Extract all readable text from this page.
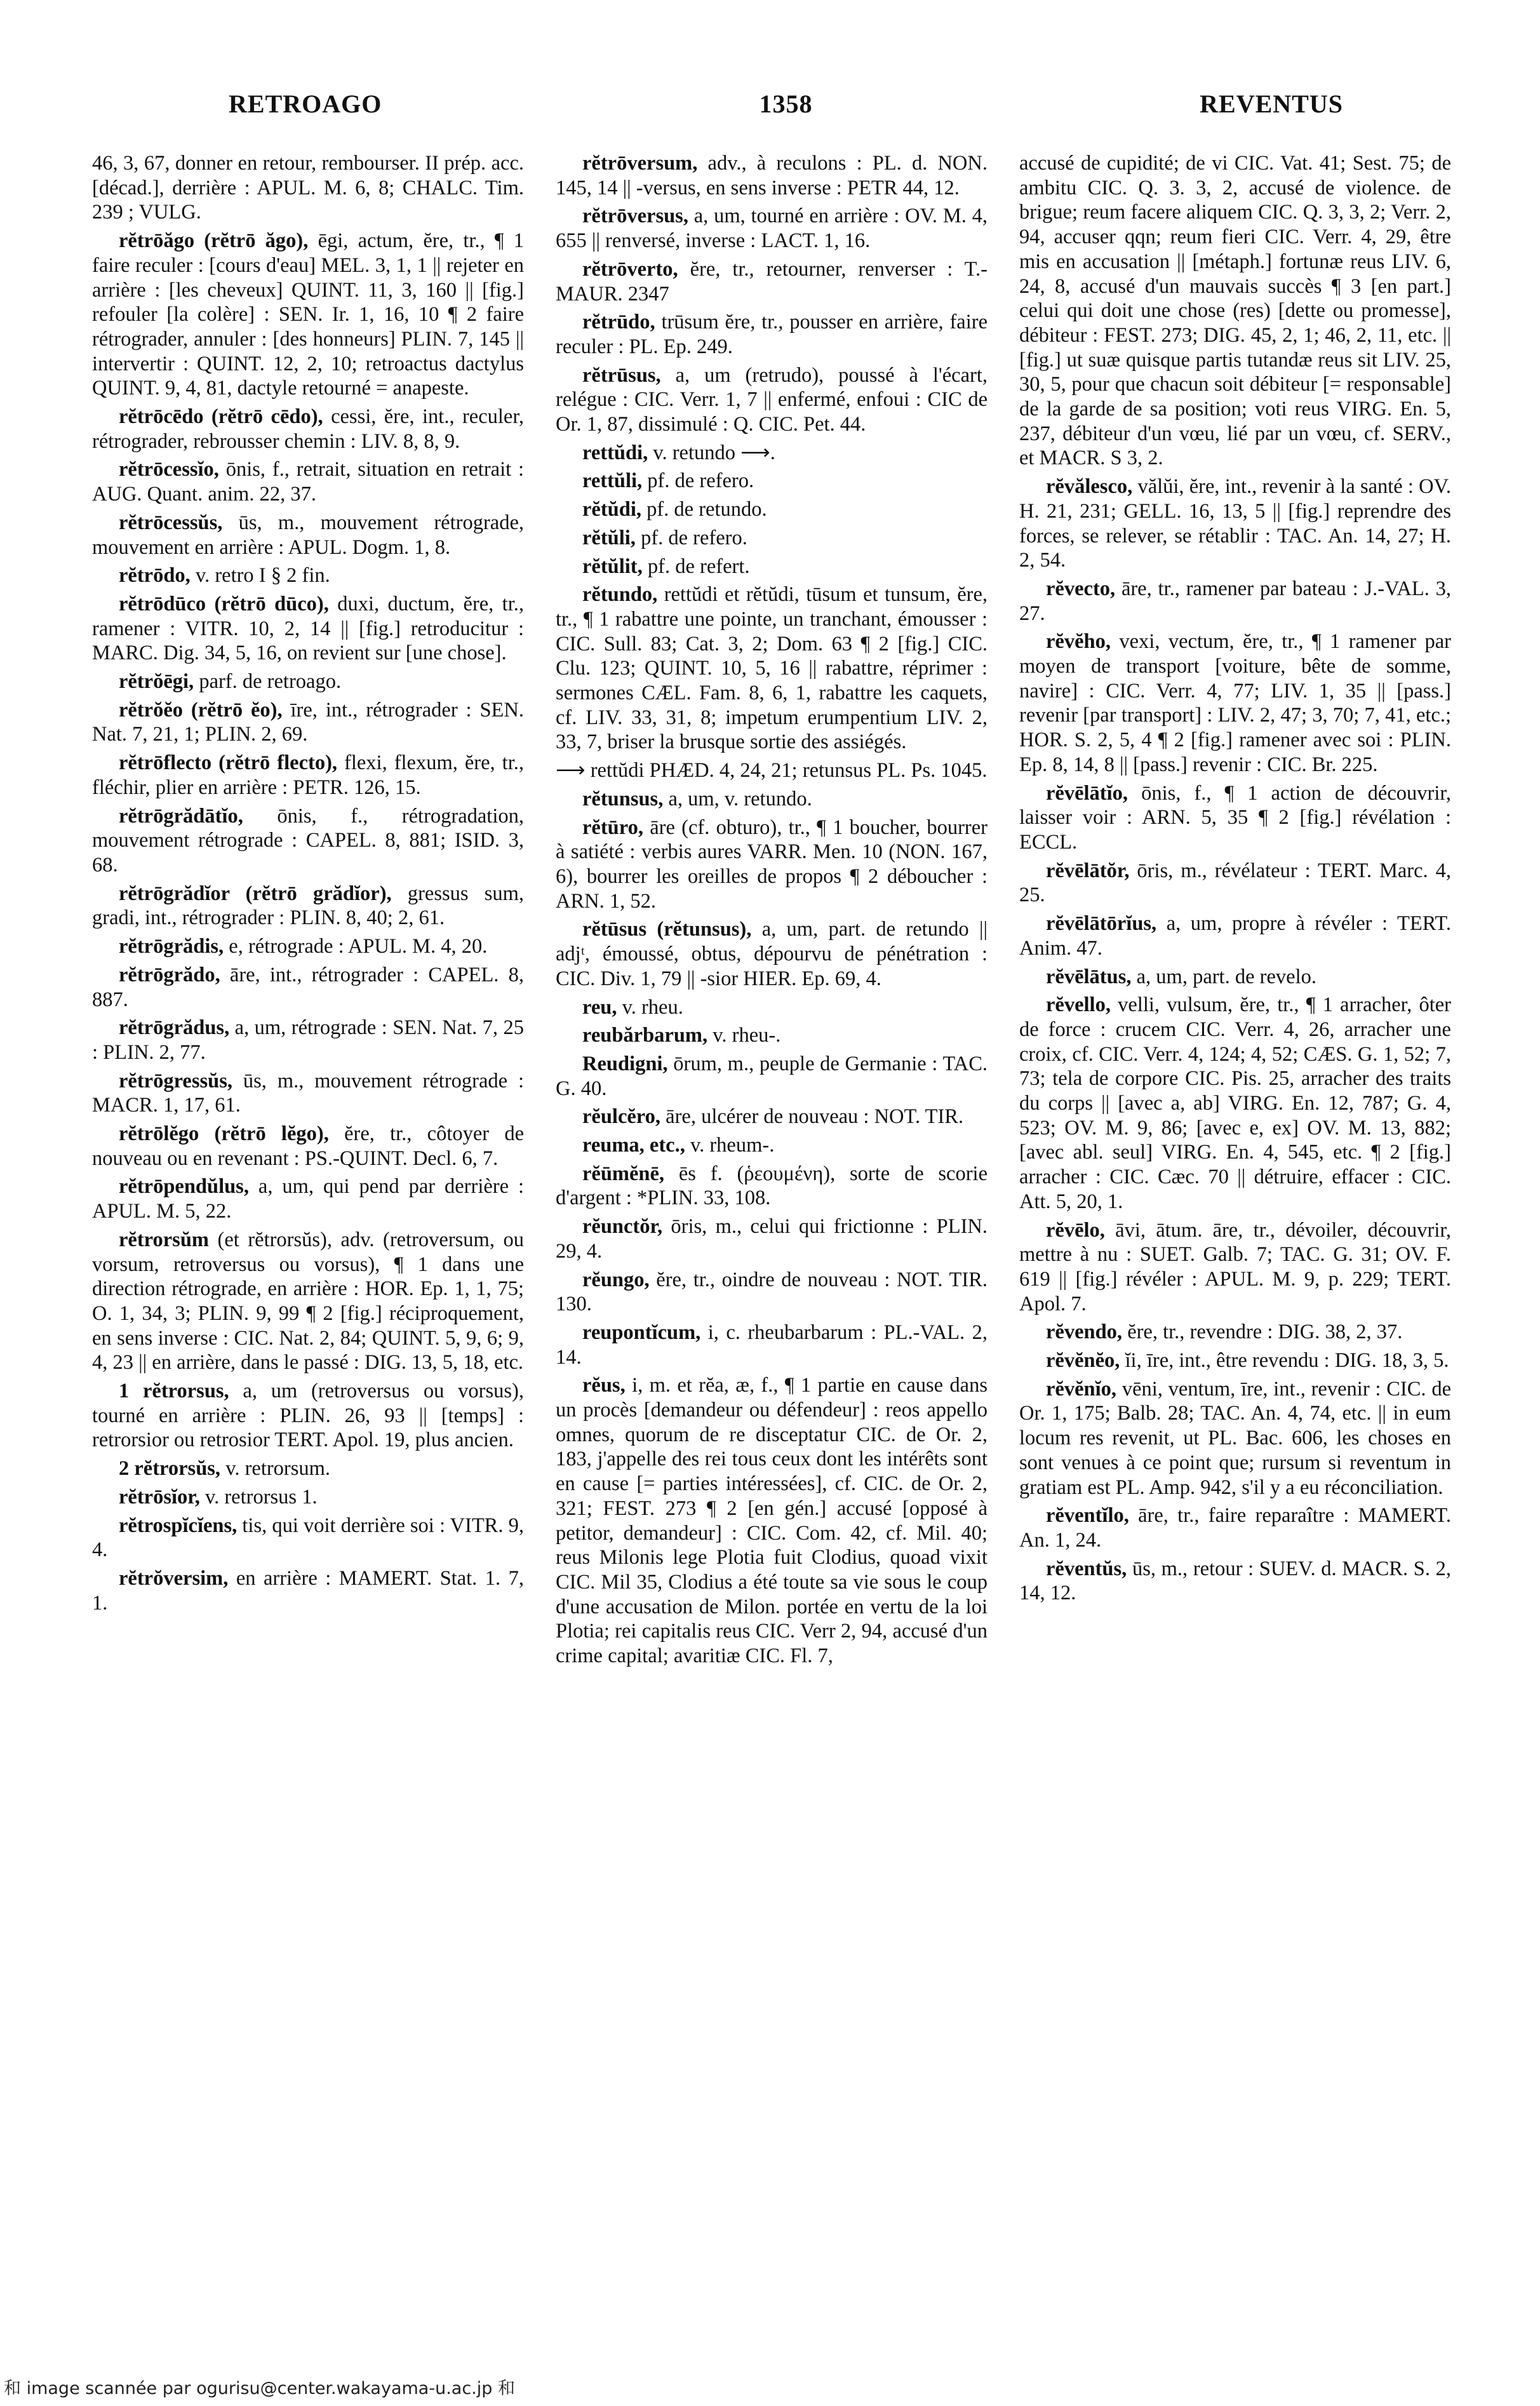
RETROAGO	1358	REVENTUS

46, 3, 67, donner en retour, rembourser. II prép. acc. [décad.], derrière : APUL. M. 6, 8; CHALC. Tim. 239 ; VULG.

rĕtrōăgo (rĕtrō ăgo), ēgi, actum, ĕre, tr., ¶ 1 faire reculer : [cours d'eau] MEL. 3, 1, 1 || rejeter en arrière : [les cheveux] QUINT. 11, 3, 160 || [fig.] refouler [la colère] : SEN. Ir. 1, 16, 10 ¶ 2 faire rétrograder, annuler : [des honneurs] PLIN. 7, 145 || intervertir : QUINT. 12, 2, 10; retroactus dactylus QUINT. 9, 4, 81, dactyle retourné = anapeste.

rĕtrōcēdo (rĕtrō cēdo), cessi, ĕre, int., reculer, rétrograder, rebrousser chemin : LIV. 8, 8, 9.

rĕtrōcessĭo, ōnis, f., retrait, situation en retrait : AUG. Quant. anim. 22, 37.

rĕtrōcessŭs, ūs, m., mouvement rétrograde, mouvement en arrière : APUL. Dogm. 1, 8.

rĕtrōdo, v. retro I § 2 fin.

rĕtrōdūco (rĕtrō dūco), duxi, ductum, ĕre, tr., ramener : VITR. 10, 2, 14 || [fig.] retroducitur : MARC. Dig. 34, 5, 16, on revient sur [une chose].

rĕtrŏēgi, parf. de retroago.

rĕtrŏĕo (rĕtrō ĕo), īre, int., rétrograder : SEN. Nat. 7, 21, 1; PLIN. 2, 69.

rĕtrōflecto (rĕtrō flecto), flexi, flexum, ĕre, tr., fléchir, plier en arrière : PETR. 126, 15.

rĕtrōgrădātĭo, ōnis, f., rétrogradation, mouvement rétrograde : CAPEL. 8, 881; ISID. 3, 68.

rĕtrōgrădĭor (rĕtrō grădĭor), gressus sum, gradi, int., rétrograder : PLIN. 8, 40; 2, 61.

rĕtrōgrădis, e, rétrograde : APUL. M. 4, 20.

rĕtrōgrădo, āre, int., rétrograder : CAPEL. 8, 887.

rĕtrōgrădus, a, um, rétrograde : SEN. Nat. 7, 25 : PLIN. 2, 77.

rĕtrōgressŭs, ūs, m., mouvement rétrograde : MACR. 1, 17, 61.

rĕtrōlĕgo (rĕtrō lĕgo), ĕre, tr., côtoyer de nouveau ou en revenant : PS.-QUINT. Decl. 6, 7.

rĕtrōpendŭlus, a, um, qui pend par derrière : APUL. M. 5, 22.

rĕtrorsŭm (et rĕtrorsŭs), adv. (retroversum, ou vorsum, retroversus ou vorsus), ¶ 1 dans une direction rétrograde, en arrière : HOR. Ep. 1, 1, 75; O. 1, 34, 3; PLIN. 9, 99 ¶ 2 [fig.] réciproquement, en sens inverse : CIC. Nat. 2, 84; QUINT. 5, 9, 6; 9, 4, 23 || en arrière, dans le passé : DIG. 13, 5, 18, etc.

1 rĕtrorsus, a, um (retroversus ou vorsus), tourné en arrière : PLIN. 26, 93 || [temps] : retrorsior ou retrosior TERT. Apol. 19, plus ancien.

2 rĕtrorsŭs, v. retrorsum.

rĕtrōsĭor, v. retrorsus 1.

rĕtrospĭcĭens, tis, qui voit derrière soi : VITR. 9, 4.

rĕtrŏversim, en arrière : MAMERT. Stat. 1. 7, 1.

rĕtrōversum, adv., à reculons : PL. d. NON. 145, 14 || -versus, en sens inverse : PETR 44, 12.

rĕtrōversus, a, um, tourné en arrière : OV. M. 4, 655 || renversé, inverse : LACT. 1, 16.

rĕtrōverto, ĕre, tr., retourner, renverser : T.-MAUR. 2347

rĕtrūdo, trūsum ĕre, tr., pousser en arrière, faire reculer : PL. Ep. 249.

rĕtrūsus, a, um (retrudo), poussé à l'écart, relégue : CIC. Verr. 1, 7 || enfermé, enfoui : CIC de Or. 1, 87, dissimulé : Q. CIC. Pet. 44.

rettŭdi, v. retundo ⟶.

rettŭli, pf. de refero.

rĕtŭdi, pf. de retundo.

rĕtŭli, pf. de refero.

rĕtŭlit, pf. de refert.

rĕtundo, rettŭdi et rĕtŭdi, tūsum et tunsum, ĕre, tr., ¶ 1 rabattre une pointe, un tranchant, émousser : CIC. Sull. 83; Cat. 3, 2; Dom. 63 ¶ 2 [fig.] CIC. Clu. 123; QUINT. 10, 5, 16 || rabattre, réprimer : sermones CÆL. Fam. 8, 6, 1, rabattre les caquets, cf. LIV. 33, 31, 8; impetum erumpentium LIV. 2, 33, 7, briser la brusque sortie des assiégés.

⟶ rettŭdi PHÆD. 4, 24, 21; retunsus PL. Ps. 1045.

rĕtunsus, a, um, v. retundo.

rĕtūro, āre (cf. obturo), tr., ¶ 1 boucher, bourrer à satiété : verbis aures VARR. Men. 10 (NON. 167, 6), bourrer les oreilles de propos ¶ 2 déboucher : ARN. 1, 52.

rĕtūsus (rĕtunsus), a, um, part. de retundo || adjᵗ, émoussé, obtus, dépourvu de pénétration : CIC. Div. 1, 79 || -sior HIER. Ep. 69, 4.

reu, v. rheu.

reubărbarum, v. rheu-.

Reudigni, ōrum, m., peuple de Germanie : TAC. G. 40.

rĕulcĕro, āre, ulcérer de nouveau : NOT. TIR.

reuma, etc., v. rheum-.

rĕūmĕnē, ēs f. (ῥεουμένη), sorte de scorie d'argent : *PLIN. 33, 108.

rĕunctŏr, ōris, m., celui qui frictionne : PLIN. 29, 4.

rĕungo, ĕre, tr., oindre de nouveau : NOT. TIR. 130.

reupontĭcum, i, c. rheubarbarum : PL.-VAL. 2, 14.

rĕus, i, m. et rĕa, æ, f., ¶ 1 partie en cause dans un procès [demandeur ou défendeur] : reos appello omnes, quorum de re disceptatur CIC. de Or. 2, 183, j'appelle des rei tous ceux dont les intérêts sont en cause [= parties intéressées], cf. CIC. de Or. 2, 321; FEST. 273 ¶ 2 [en gén.] accusé [opposé à petitor, demandeur] : CIC. Com. 42, cf. Mil. 40; reus Milonis lege Plotia fuit Clodius, quoad vixit CIC. Mil 35, Clodius a été toute sa vie sous le coup d'une accusation de Milon. portée en vertu de la loi Plotia; rei capitalis reus CIC. Verr 2, 94, accusé d'un crime capital; avaritiæ CIC. Fl. 7,

accusé de cupidité; de vi CIC. Vat. 41; Sest. 75; de ambitu CIC. Q. 3. 3, 2, accusé de violence. de brigue; reum facere aliquem CIC. Q. 3, 3, 2; Verr. 2, 94, accuser qqn; reum fieri CIC. Verr. 4, 29, être mis en accusation || [métaph.] fortunæ reus LIV. 6, 24, 8, accusé d'un mauvais succès ¶ 3 [en part.] celui qui doit une chose (res) [dette ou promesse], débiteur : FEST. 273; DIG. 45, 2, 1; 46, 2, 11, etc. || [fig.] ut suæ quisque partis tutandæ reus sit LIV. 25, 30, 5, pour que chacun soit débiteur [= responsable] de la garde de sa position; voti reus VIRG. En. 5, 237, débiteur d'un vœu, lié par un vœu, cf. SERV., et MACR. S 3, 2.

rĕvălesco, vălŭi, ĕre, int., revenir à la santé : OV. H. 21, 231; GELL. 16, 13, 5 || [fig.] reprendre des forces, se relever, se rétablir : TAC. An. 14, 27; H. 2, 54.

rĕvecto, āre, tr., ramener par bateau : J.-VAL. 3, 27.

rĕvĕho, vexi, vectum, ĕre, tr., ¶ 1 ramener par moyen de transport [voiture, bête de somme, navire] : CIC. Verr. 4, 77; LIV. 1, 35 || [pass.] revenir [par transport] : LIV. 2, 47; 3, 70; 7, 41, etc.; HOR. S. 2, 5, 4 ¶ 2 [fig.] ramener avec soi : PLIN. Ep. 8, 14, 8 || [pass.] revenir : CIC. Br. 225.

rĕvēlātĭo, ōnis, f., ¶ 1 action de découvrir, laisser voir : ARN. 5, 35 ¶ 2 [fig.] révélation : ECCL.

rĕvēlātŏr, ōris, m., révélateur : TERT. Marc. 4, 25.

rĕvēlātōrĭus, a, um, propre à révéler : TERT. Anim. 47.

rĕvēlātus, a, um, part. de revelo.

rĕvello, velli, vulsum, ĕre, tr., ¶ 1 arracher, ôter de force : crucem CIC. Verr. 4, 26, arracher une croix, cf. CIC. Verr. 4, 124; 4, 52; CÆS. G. 1, 52; 7, 73; tela de corpore CIC. Pis. 25, arracher des traits du corps || [avec a, ab] VIRG. En. 12, 787; G. 4, 523; OV. M. 9, 86; [avec e, ex] OV. M. 13, 882; [avec abl. seul] VIRG. En. 4, 545, etc. ¶ 2 [fig.] arracher : CIC. Cæc. 70 || détruire, effacer : CIC. Att. 5, 20, 1.

rĕvēlo, āvi, ātum. āre, tr., dévoiler, découvrir, mettre à nu : SUET. Galb. 7; TAC. G. 31; OV. F. 619 || [fig.] révéler : APUL. M. 9, p. 229; TERT. Apol. 7.

rĕvendo, ĕre, tr., revendre : DIG. 38, 2, 37.

rĕvĕnĕo, ĭi, īre, int., être revendu : DIG. 18, 3, 5.

rĕvĕnĭo, vēni, ventum, īre, int., revenir : CIC. de Or. 1, 175; Balb. 28; TAC. An. 4, 74, etc. || in eum locum res revenit, ut PL. Bac. 606, les choses en sont venues à ce point que; rursum si reventum in gratiam est PL. Amp. 942, s'il y a eu réconciliation.

rĕventĭlo, āre, tr., faire reparaître : MAMERT. An. 1, 24.

rĕventŭs, ūs, m., retour : SUEV. d. MACR. S. 2, 14, 12.

和 image scannée par ogurisu@center.wakayama-u.ac.jp 和
